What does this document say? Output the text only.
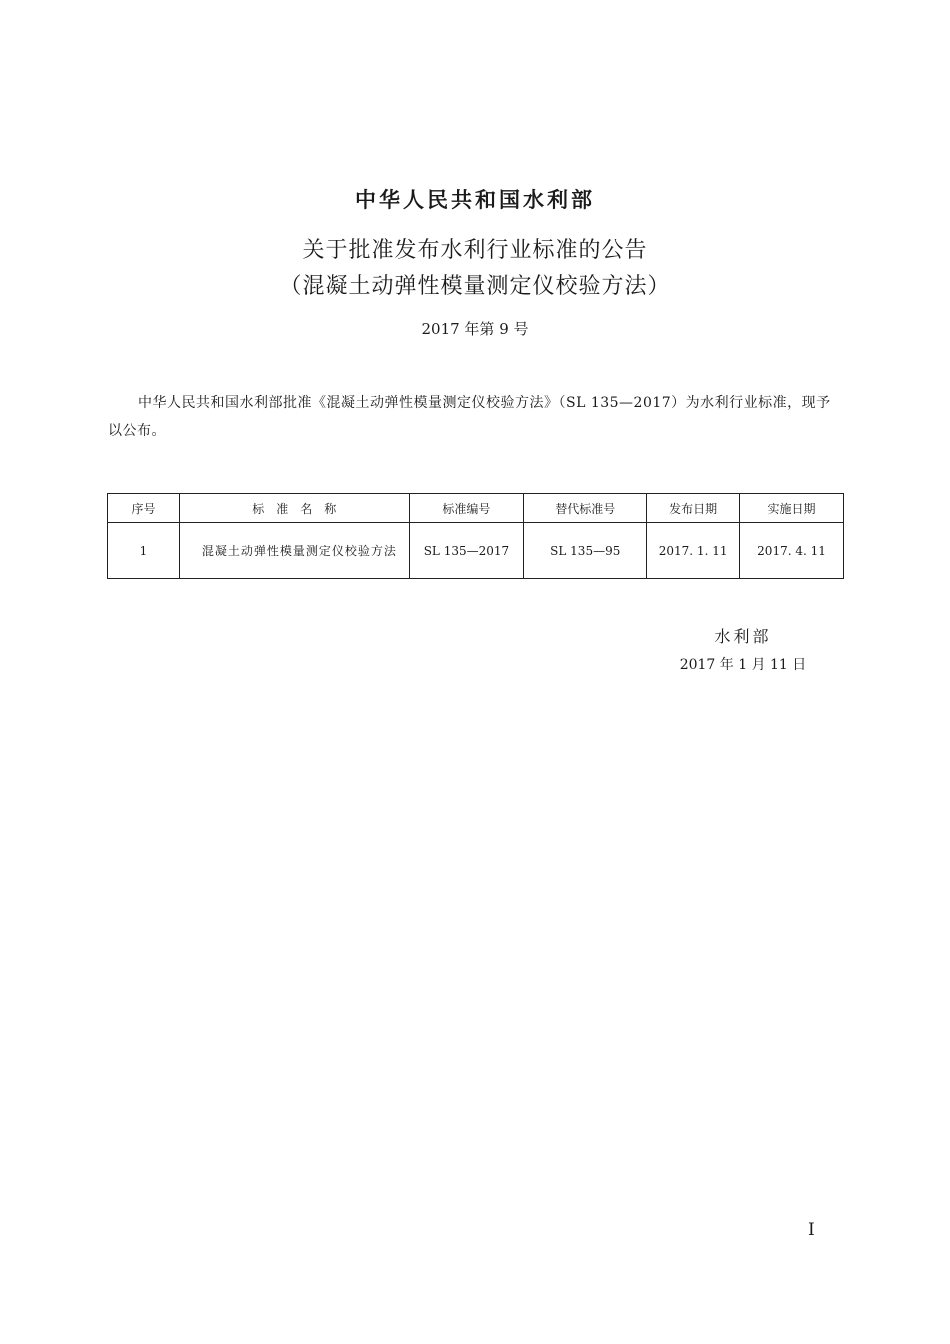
中华人民共和国水利部
关于批准发布水利行业标准的公告
（混凝土动弹性模量测定仪校验方法）
2017 年第 9 号

中华人民共和国水利部批准《混凝土动弹性模量测定仪校验方法》（SL 135—2017）为水利行业标准，现予以公布。

序号	标　准　名　称	标准编号	替代标准号	发布日期	实施日期
1	混凝土动弹性模量测定仪校验方法	SL 135—2017	SL 135—95	2017. 1. 11	2017. 4. 11
水利部
2017 年 1 月 11 日
Ⅰ
